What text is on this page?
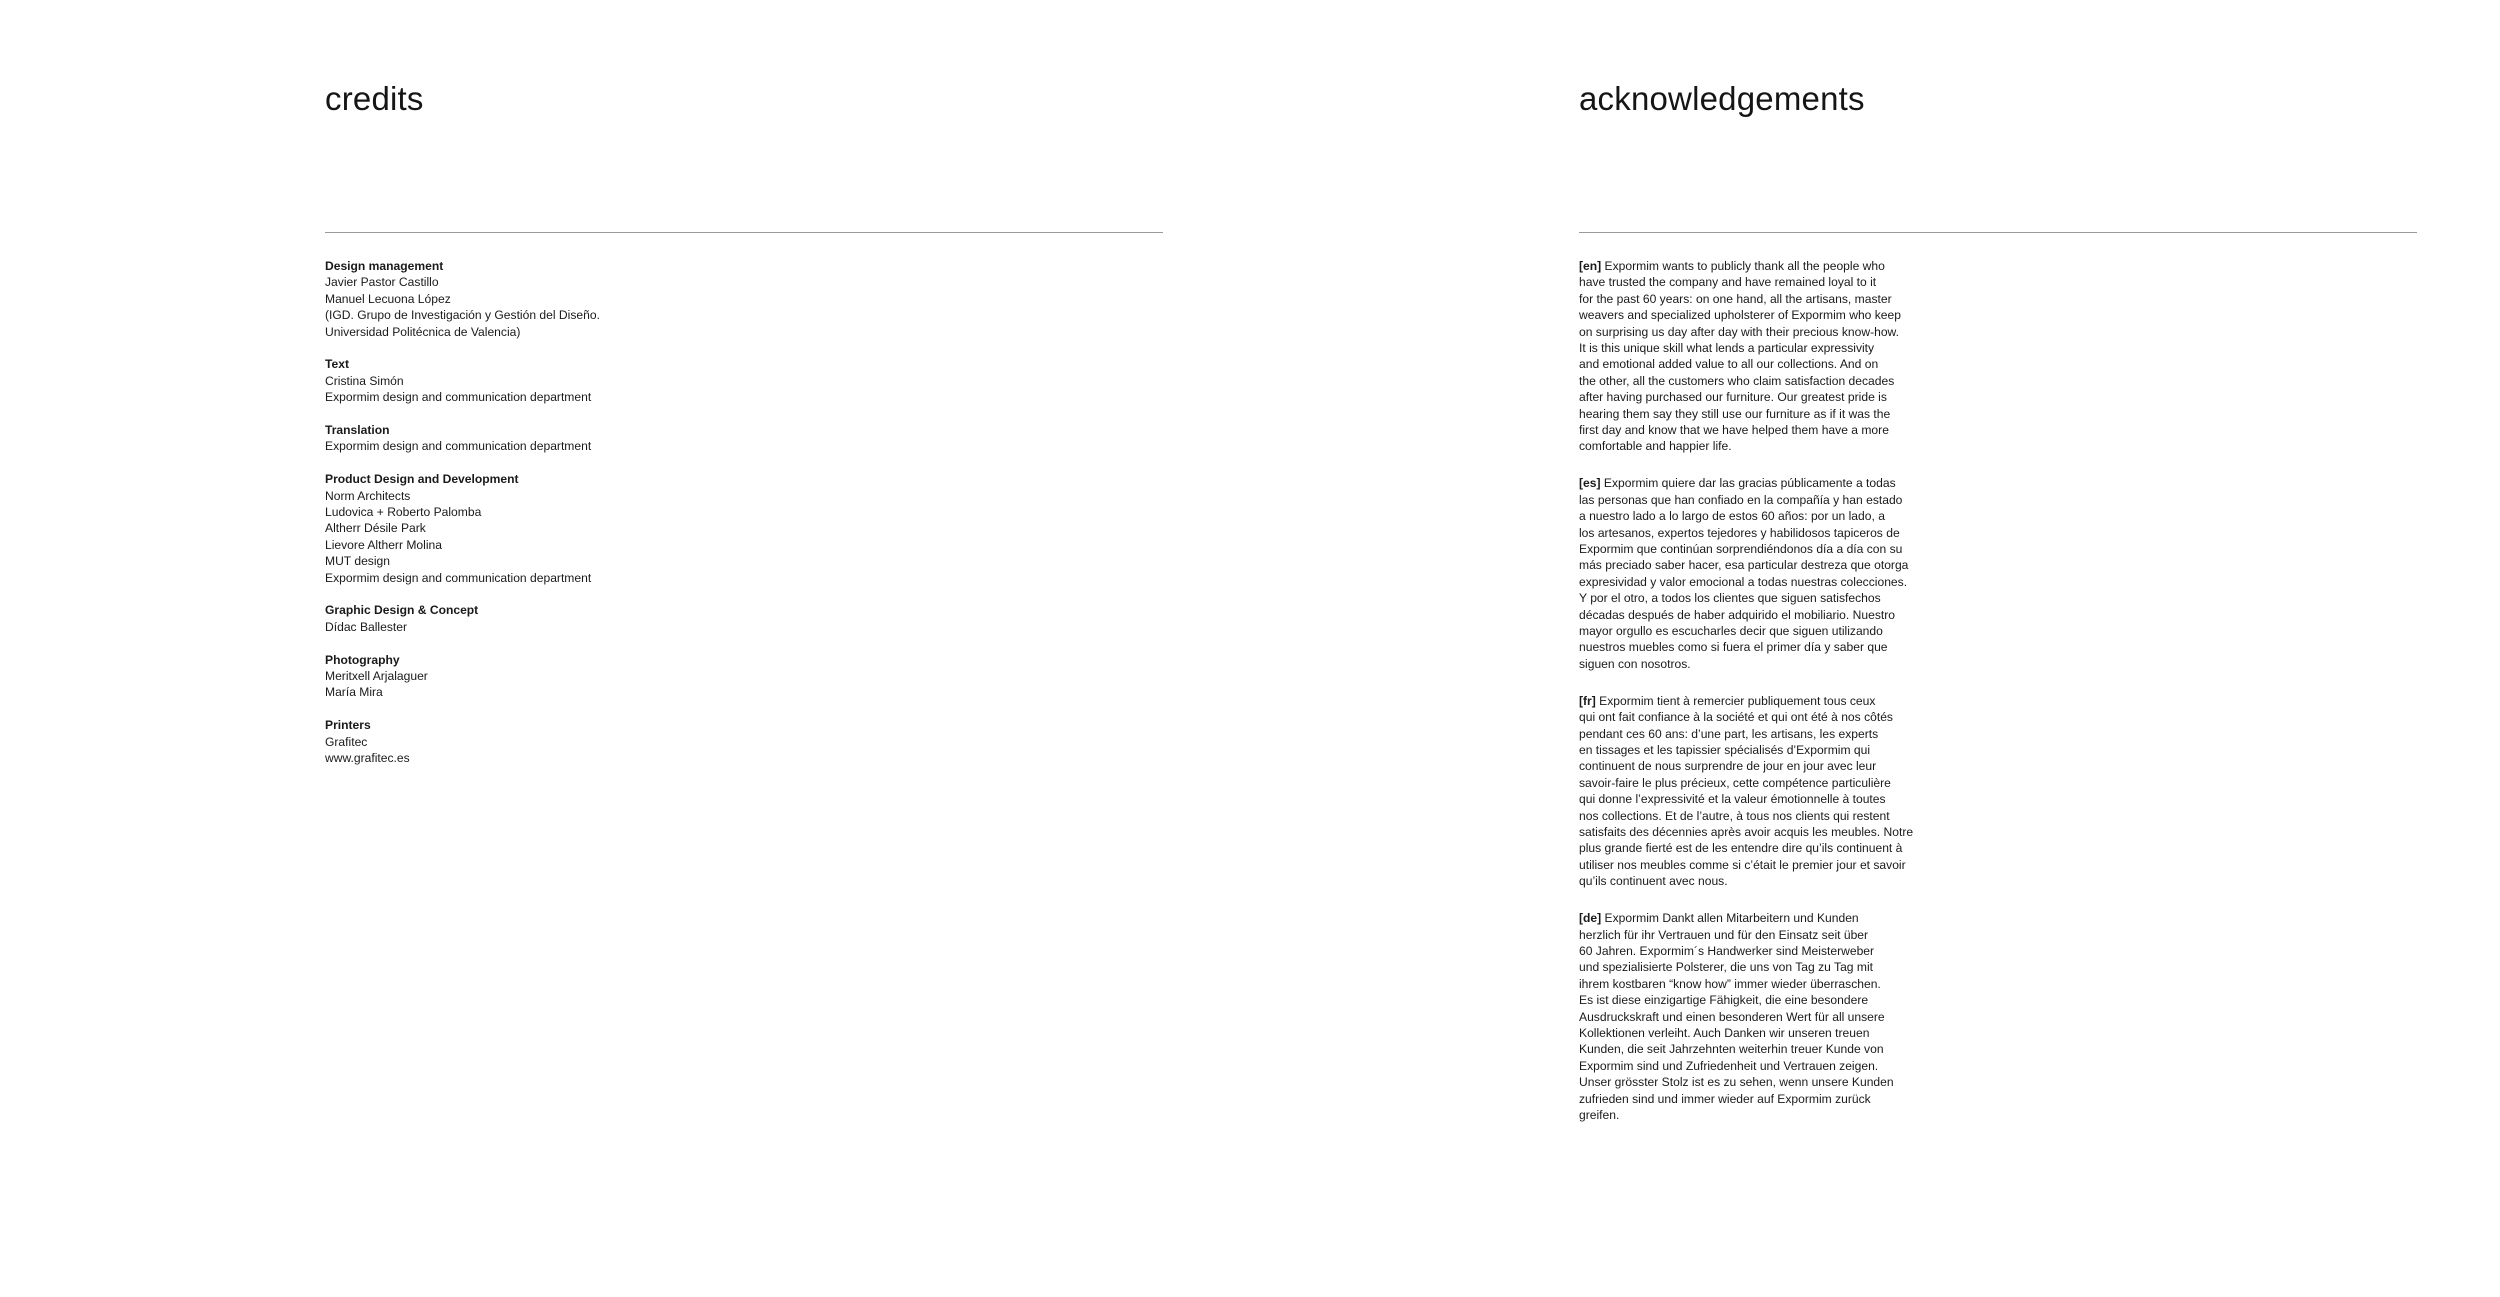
credits
Design management
Javier Pastor Castillo
Manuel Lecuona López
(IGD. Grupo de Investigación y Gestión del Diseño.
Universidad Politécnica de Valencia)
Text
Cristina Simón
Expormim design and communication department
Translation
Expormim design and communication department
Product Design and Development
Norm Architects
Ludovica + Roberto Palomba
Altherr Désile Park
Lievore Altherr Molina
MUT design
Expormim design and communication department
Graphic Design & Concept
Dídac Ballester
Photography
Meritxell Arjalaguer
María Mira
Printers
Grafitec
www.grafitec.es
acknowledgements
[en] Expormim wants to publicly thank all the people who
have trusted the company and have remained loyal to it
for the past 60 years: on one hand, all the artisans, master
weavers and specialized upholsterer of Expormim who keep
on surprising us day after day with their precious know-how.
It is this unique skill what lends a particular expressivity
and emotional added value to all our collections. And on
the other, all the customers who claim satisfaction decades
after having purchased our furniture. Our greatest pride is
hearing them say they still use our furniture as if it was the
first day and know that we have helped them have a more
comfortable and happier life.
[es] Expormim quiere dar las gracias públicamente a todas
las personas que han confiado en la compañía y han estado
a nuestro lado a lo largo de estos 60 años: por un lado, a
los artesanos, expertos tejedores y habilidosos tapiceros de
Expormim que continúan sorprendiéndonos día a día con su
más preciado saber hacer, esa particular destreza que otorga
expresividad y valor emocional a todas nuestras colecciones.
Y por el otro, a todos los clientes que siguen satisfechos
décadas después de haber adquirido el mobiliario. Nuestro
mayor orgullo es escucharles decir que siguen utilizando
nuestros muebles como si fuera el primer día y saber que
siguen con nosotros.
[fr] Expormim tient à remercier publiquement tous ceux
qui ont fait confiance à la société et qui ont été à nos côtés
pendant ces 60 ans: d’une part, les artisans, les experts
en tissages et les tapissier spécialisés d’Expormim qui
continuent de nous surprendre de jour en jour avec leur
savoir-faire le plus précieux, cette compétence particulière
qui donne l’expressivité et la valeur émotionnelle à toutes
nos collections. Et de l’autre, à tous nos clients qui restent
satisfaits des décennies après avoir acquis les meubles. Notre
plus grande fierté est de les entendre dire qu’ils continuent à
utiliser nos meubles comme si c’était le premier jour et savoir
qu’ils continuent avec nous.
[de] Expormim Dankt allen Mitarbeitern und Kunden
herzlich für ihr Vertrauen und für den Einsatz seit über
60 Jahren. Expormim´s Handwerker sind Meisterweber
und spezialisierte Polsterer, die uns von Tag zu Tag mit
ihrem kostbaren “know how” immer wieder überraschen.
Es ist diese einzigartige Fähigkeit, die eine besondere
Ausdruckskraft und einen besonderen Wert für all unsere
Kollektionen verleiht. Auch Danken wir unseren treuen
Kunden, die seit Jahrzehnten weiterhin treuer Kunde von
Expormim sind und Zufriedenheit und Vertrauen zeigen.
Unser grösster Stolz ist es zu sehen, wenn unsere Kunden
zufrieden sind und immer wieder auf Expormim zurück
greifen.
